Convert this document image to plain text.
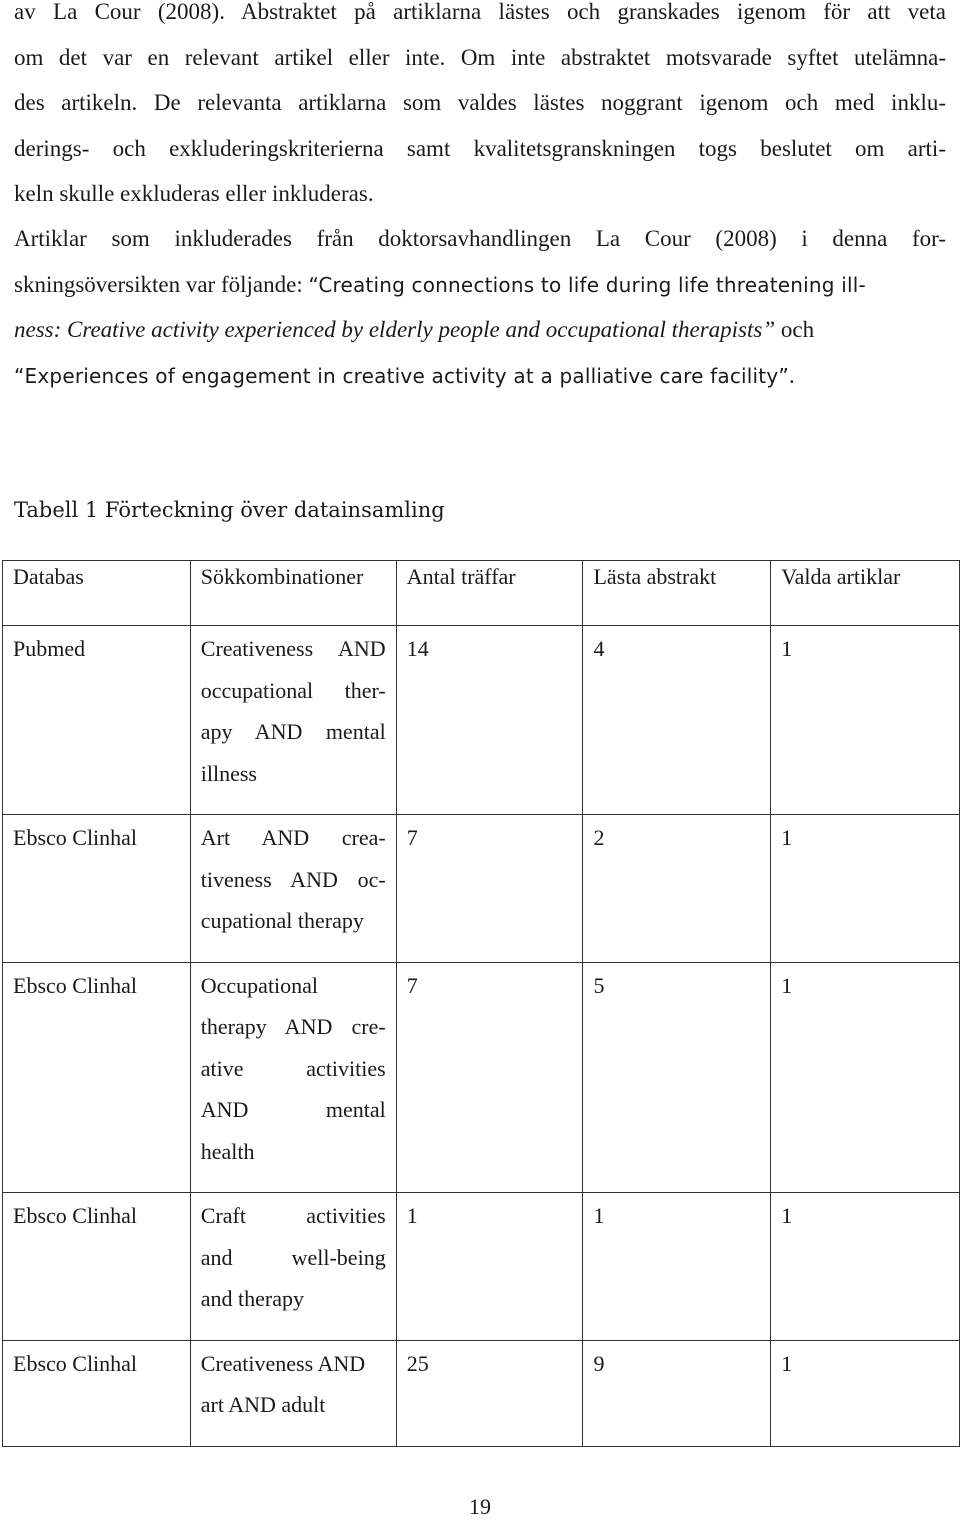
av La Cour (2008). Abstraktet på artiklarna lästes och granskades igenom för att veta
om det var en relevant artikel eller inte. Om inte abstraktet motsvarade syftet utelämna-
des artikeln. De relevanta artiklarna som valdes lästes noggrant igenom och med inklu-
derings- och exkluderingskriterierna samt kvalitetsgranskningen togs beslutet om arti-
keln skulle exkluderas eller inkluderas.
Artiklar som inkluderades från doktorsavhandlingen La Cour (2008) i denna for-
skningsöversikten var följande: “Creating connections to life during life threatening ill-
ness: Creative activity experienced by elderly people and occupational therapists” och
“Experiences of engagement in creative activity at a palliative care facility”.
Tabell 1 Förteckning över datainsamling
Databas	Sökkombinationer	Antal träffar	Lästa abstrakt	Valda artiklar
Pubmed	Creativeness AND
occupational ther-
apy AND mental
illness	14	4	1
Ebsco Clinhal	Art AND crea-
tiveness AND oc-
cupational therapy	7	2	1
Ebsco Clinhal	Occupational
therapy AND cre-
ative activities
AND mental
health	7	5	1
Ebsco Clinhal	Craft activities
and well-being
and therapy	1	1	1
Ebsco Clinhal	Creativeness AND
art AND adult	25	9	1
19
